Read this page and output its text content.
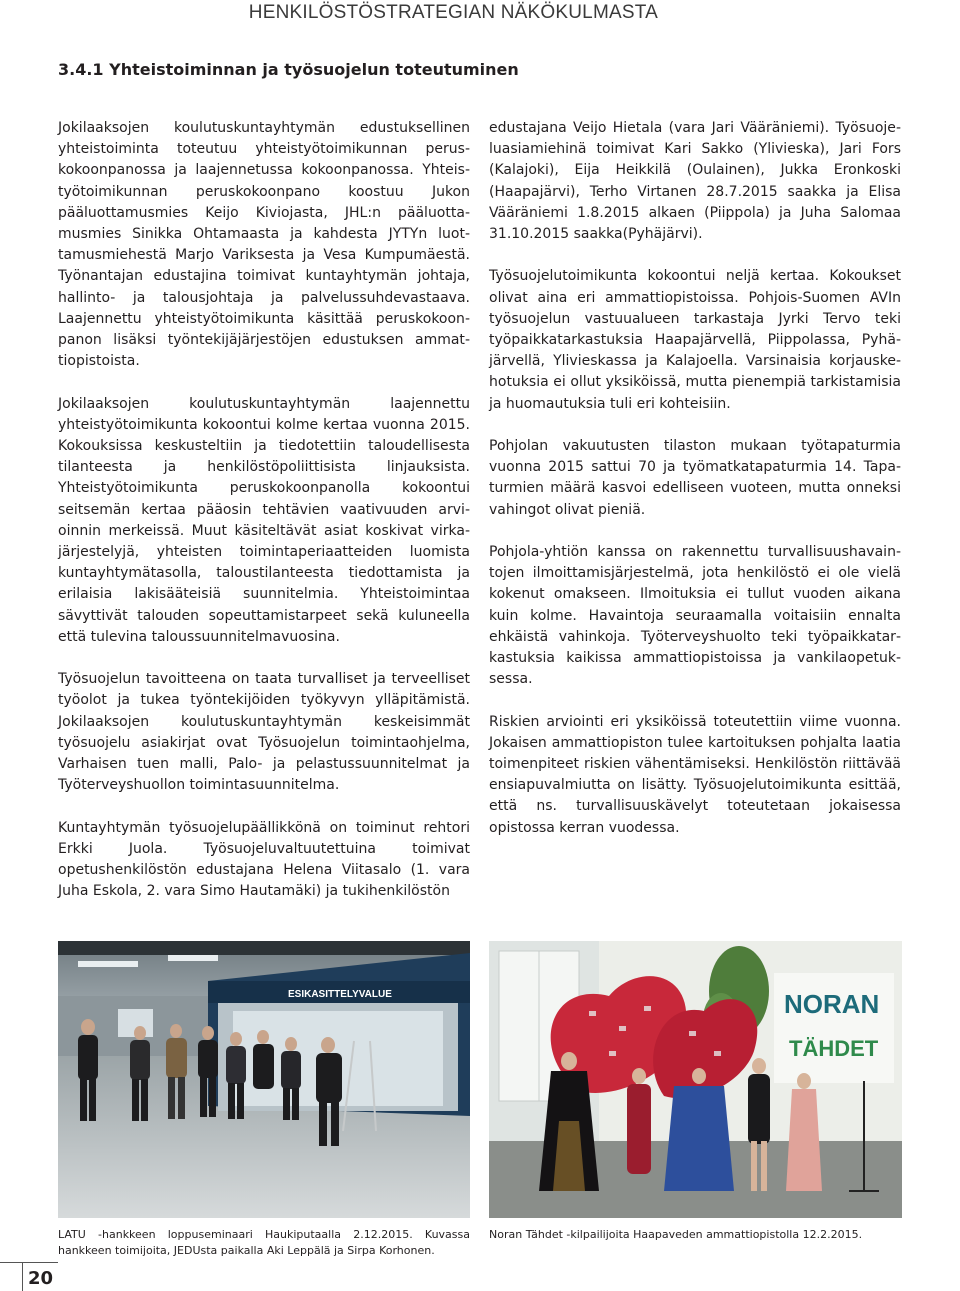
HENKILÖSTÖSTRATEGIAN NÄKÖKULMASTA
3.4.1 Yhteistoiminnan ja työsuojelun toteutuminen

Jokilaaksojen koulutuskuntayhtymän edustuksellinen yhteistoiminta toteutuu yhteistyötoimikunnan peruskokoonpanossa ja laajennetussa kokoonpanossa. Yhteistyötoimikunnan peruskokoonpano koostuu Jukon pääluottamusmies Keijo Kiviojasta, JHL:n pääluottamusmies Sinikka Ohtamaasta ja kahdesta JYTYn luottamusmiehestä Marjo Variksesta ja Vesa Kumpumäestä. Työnantajan edustajina toimivat kuntayhtymän johtaja, hallinto- ja talousjohtaja ja palvelussuhdevastaava. Laajennettu yhteistyötoimikunta käsittää peruskokoonpanon lisäksi työntekijäjärjestöjen edustuksen ammattiopistoista.

Jokilaaksojen koulutuskuntayhtymän laajennettu yhteistyötoimikunta kokoontui kolme kertaa vuonna 2015. Kokouksissa keskusteltiin ja tiedotettiin taloudellisesta tilanteesta ja henkilöstöpoliittisista linjauksista. Yhteistyötoimikunta peruskokoonpanolla kokoontui seitsemän kertaa pääosin tehtävien vaativuuden arvioinnin merkeissä. Muut käsiteltävät asiat koskivat virkajärjestelyjä, yhteisten toimintaperiaatteiden luomista kuntayhtymätasolla, taloustilanteesta tiedottamista ja erilaisia lakisääteisiä suunnitelmia. Yhteistoimintaa sävyttivät talouden sopeuttamistarpeet sekä kuluneella että tulevina taloussuunnitelmavuosina.

Työsuojelun tavoitteena on taata turvalliset ja terveelliset työolot ja tukea työntekijöiden työkyvyn ylläpitämistä. Jokilaaksojen koulutuskuntayhtymän keskeisimmät työsuojelu asiakirjat ovat Työsuojelun toimintaohjelma, Varhaisen tuen malli, Palo- ja pelastussuunnitelmat ja Työterveyshuollon toimintasuunnitelma.

Kuntayhtymän työsuojelupäällikkönä on toiminut rehtori Erkki Juola. Työsuojeluvaltuutettuina toimivat opetushenkilöstön edustajana Helena Viitasalo (1. vara Juha Eskola, 2. vara Simo Hautamäki) ja tukihenkilöstön

edustajana Veijo Hietala (vara Jari Vääräniemi). Työsuojeluasiamiehinä toimivat Kari Sakko (Ylivieska), Jari Fors (Kalajoki), Eija Heikkilä (Oulainen), Jukka Eronkoski (Haapajärvi), Terho Virtanen 28.7.2015 saakka ja Elisa Vääräniemi 1.8.2015 alkaen (Piippola) ja Juha Salomaa 31.10.2015 saakka(Pyhäjärvi).

Työsuojelutoimikunta kokoontui neljä kertaa. Kokoukset olivat aina eri ammattiopistoissa. Pohjois-Suomen AVIn työsuojelun vastuualueen tarkastaja Jyrki Tervo teki työpaikkatarkastuksia Haapajärvellä, Piippolassa, Pyhäjärvellä, Ylivieskassa ja Kalajoella. Varsinaisia korjauskehotuksia ei ollut yksiköissä, mutta pienempiä tarkistamisia ja huomautuksia tuli eri kohteisiin.

Pohjolan vakuutusten tilaston mukaan työtapaturmia vuonna 2015 sattui 70 ja työmatkatapaturmia 14. Tapaturmien määrä kasvoi edelliseen vuoteen, mutta onneksi vahingot olivat pieniä.

Pohjola-yhtiön kanssa on rakennettu turvallisuushavaintojen ilmoittamisjärjestelmä, jota henkilöstö ei ole vielä kokenut omakseen. Ilmoituksia ei tullut vuoden aikana kuin kolme. Havaintoja seuraamalla voitaisiin ennalta ehkäistä vahinkoja. Työterveyshuolto teki työpaikkatarkastuksia kaikissa ammattiopistoissa ja vankilaopetuksessa.

Riskien arviointi eri yksiköissä toteutettiin viime vuonna. Jokaisen ammattiopiston tulee kartoituksen pohjalta laatia toimenpiteet riskien vähentämiseksi. Henkilöstön riittävää ensiapuvalmiutta on lisätty. Työsuojelutoimikunta esittää, että ns. turvallisuuskävelyt toteutetaan jokaisessa opistossa kerran vuodessa.

ESIKASITTELYVALUE	NORAN
TÄHDET
LATU -hankkeen loppuseminaari Haukiputaalla 2.12.2015. Kuvassa hankkeen toimijoita, JEDUsta paikalla Aki Leppälä ja Sirpa Korhonen.
Noran Tähdet -kilpailijoita Haapaveden ammattiopistolla 12.2.2015.
20
